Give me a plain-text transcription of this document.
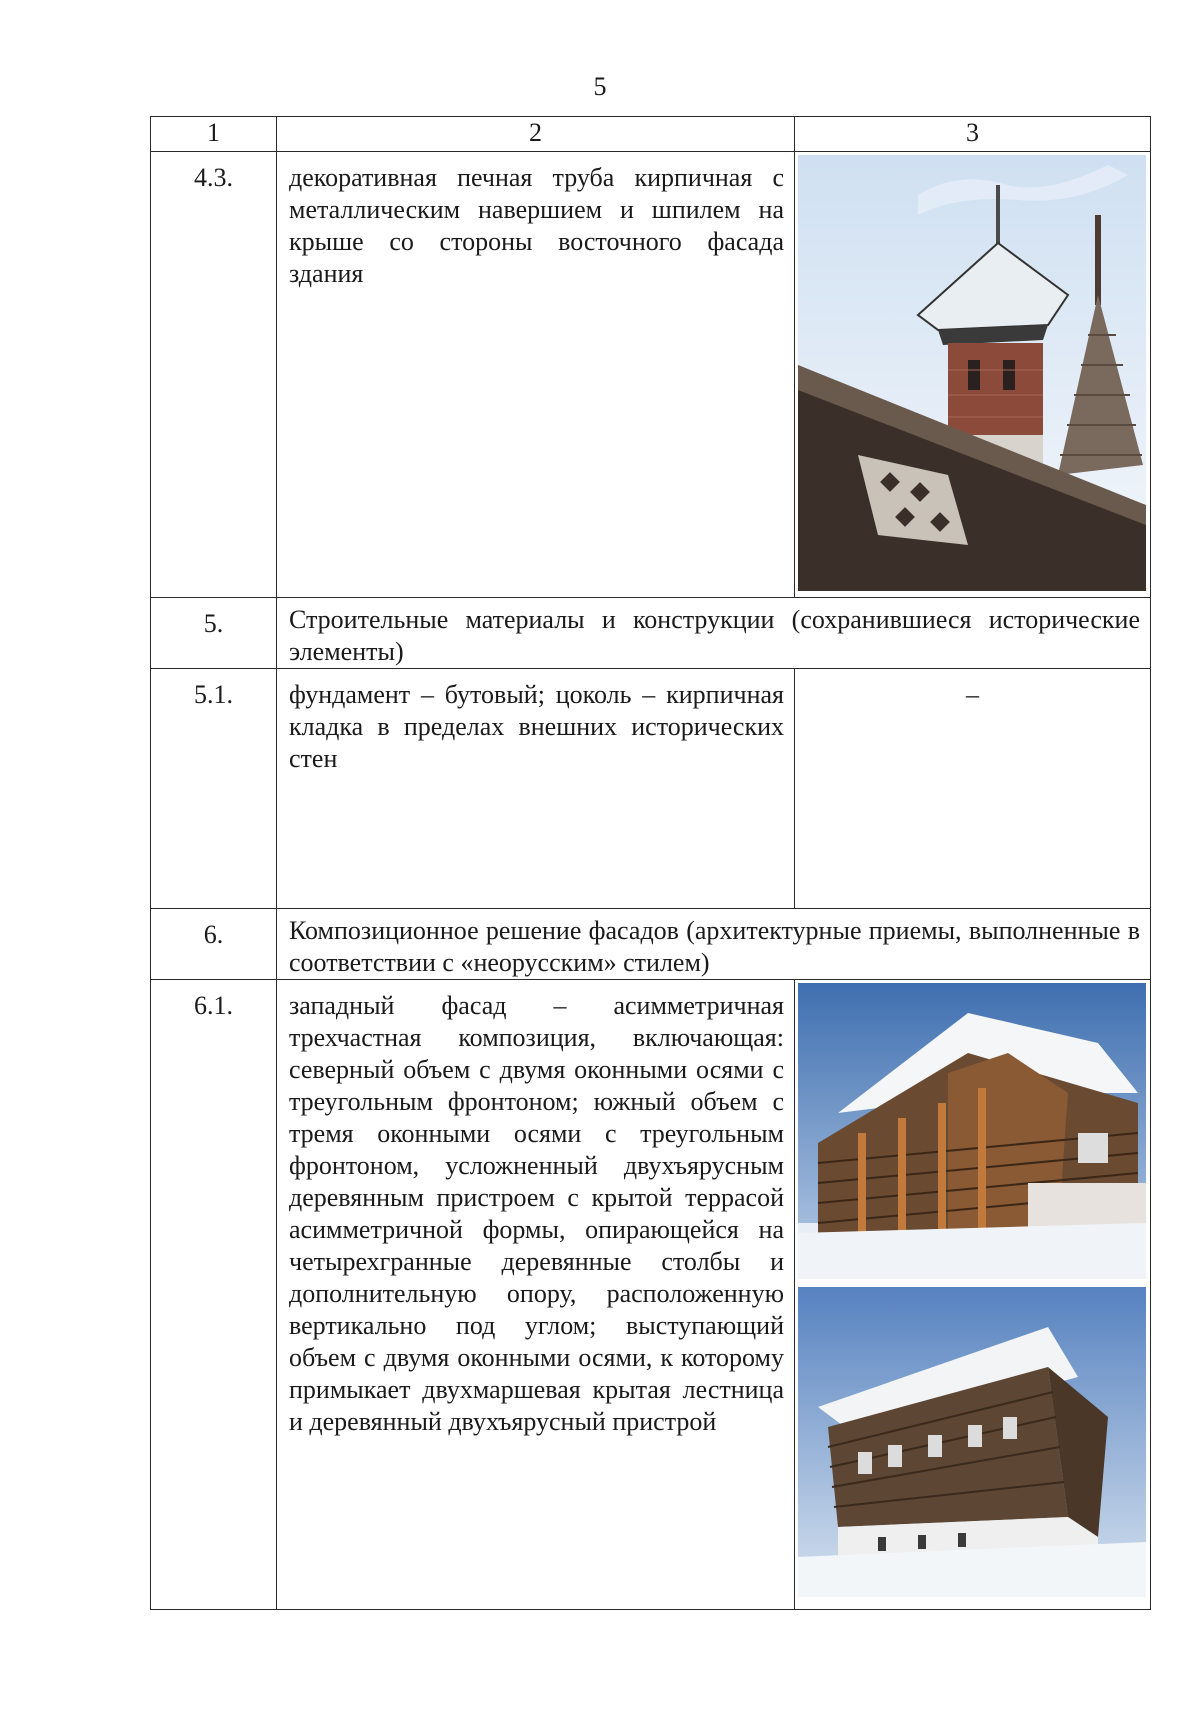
5
1	2	3
4.3.	декоративная печная труба кирпичная с металлическим навершием и шпилем на крыше со стороны восточного фасада здания	

5.	Строительные материалы и конструкции (сохранившиеся исторические элементы)	
5.1.	фундамент – бутовый; цоколь – кирпичная кладка в пределах внешних исторических стен	–
6.	Композиционное решение фасадов (архитектурные приемы, выполненные в соответствии с «неорусским» стилем)	
6.1.	западный фасад – асимметричная трехчастная композиция, включающая: северный объем с двумя оконными осями с треугольным фронтоном; южный объем с тремя оконными осями с треугольным фронтоном, усложненный двухъярусным деревянным пристроем с крытой террасой асимметричной формы, опирающейся на четырехгранные деревянные столбы и дополнительную опору, расположенную вертикально под углом; выступающий объем с двумя оконными осями, к которому примыкает двухмаршевая крытая лестница и деревянный двухъярусный пристрой	
